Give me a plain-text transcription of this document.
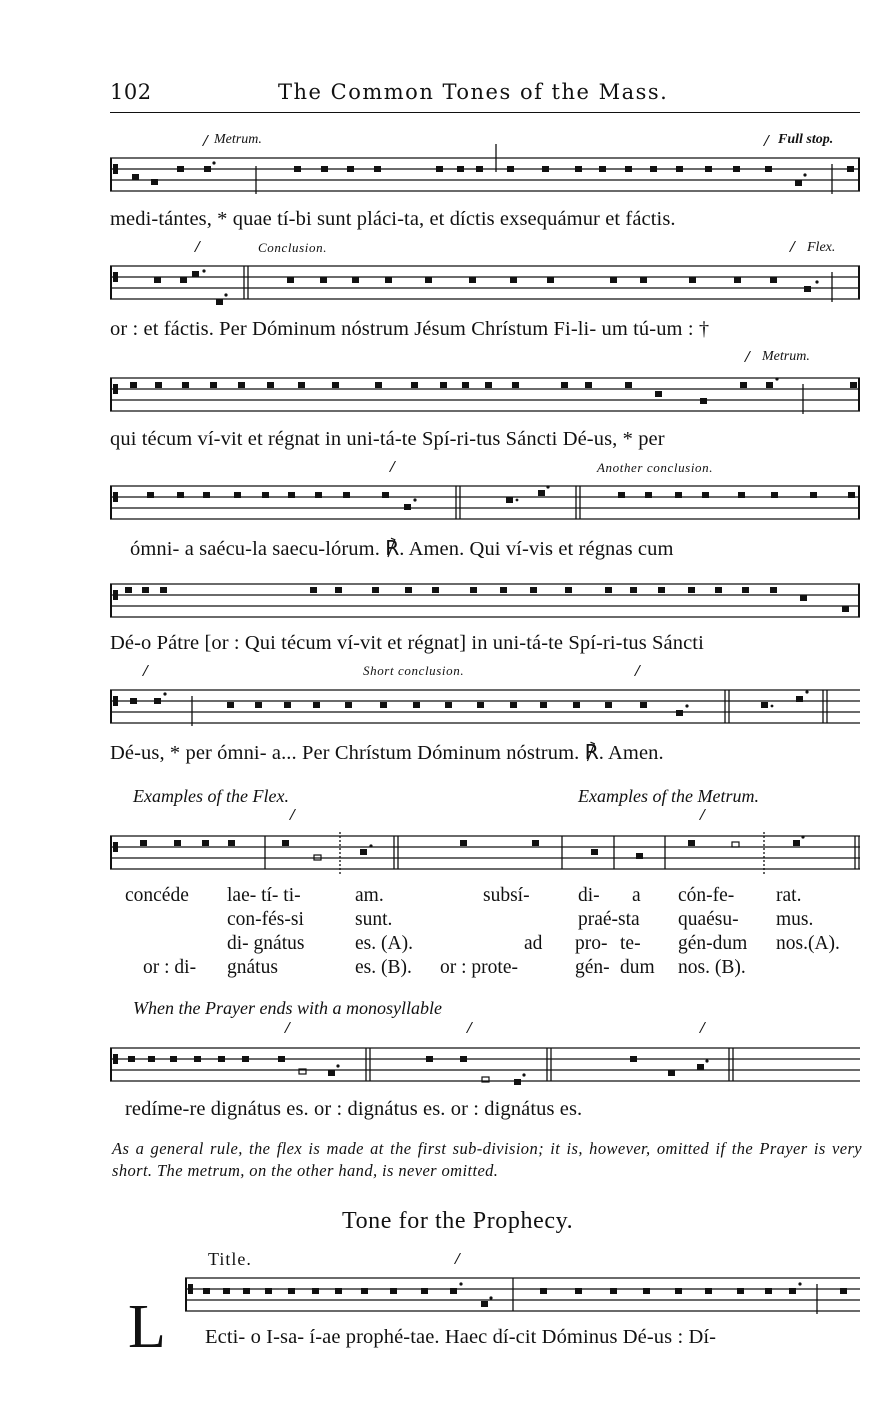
102	The Common Tones of the Mass.
/ Metrum.	/ Full stop.
medi-tántes, * quae tí-bi sunt pláci-ta, et díctis exsequámur et fáctis.
/	Conclusion.	/ Flex.
or : et fáctis. Per Dóminum nóstrum Jésum Chrístum Fi-li- um tú-um : †
/ Metrum.
qui técum ví-vit et régnat in uni-tá-te Spí-ri-tus Sáncti Dé-us, * per
/	Another conclusion.
ómni- a saécu-la saecu-lórum. ℟. Amen. Qui ví-vis et régnas cum
Dé-o Pátre [or : Qui técum ví-vit et régnat] in uni-tá-te Spí-ri-tus Sáncti
/	Short conclusion.	/
Dé-us, * per ómni- a... Per Chrístum Dóminum nóstrum. ℟. Amen.
Examples of the Flex.	Examples of the Metrum.
/	/
concéde lae- tí- ti-	am.	subsí- di- a cón-fe- rat.
con-fés-si	sunt.	praé-sta quaésu- mus.
di- gnátus	es. (A).	ad pro- te- gén-dum nos.(A).
or : di- gnátus	es. (B). or : prote-	gén- dum nos. (B).
When the Prayer ends with a monosyllable
/	/	/
redíme-re dignátus es. or : dignátus es. or : dignátus es.
As a general rule, the flex is made at the first sub-division; it is, however, omitted if the Prayer is very short. The metrum, on the other hand, is never omitted.
Tone for the Prophecy.
Title.	/
L Ecti- o I-sa- í-ae prophé-tae. Haec dí-cit Dóminus Dé-us : Dí-
